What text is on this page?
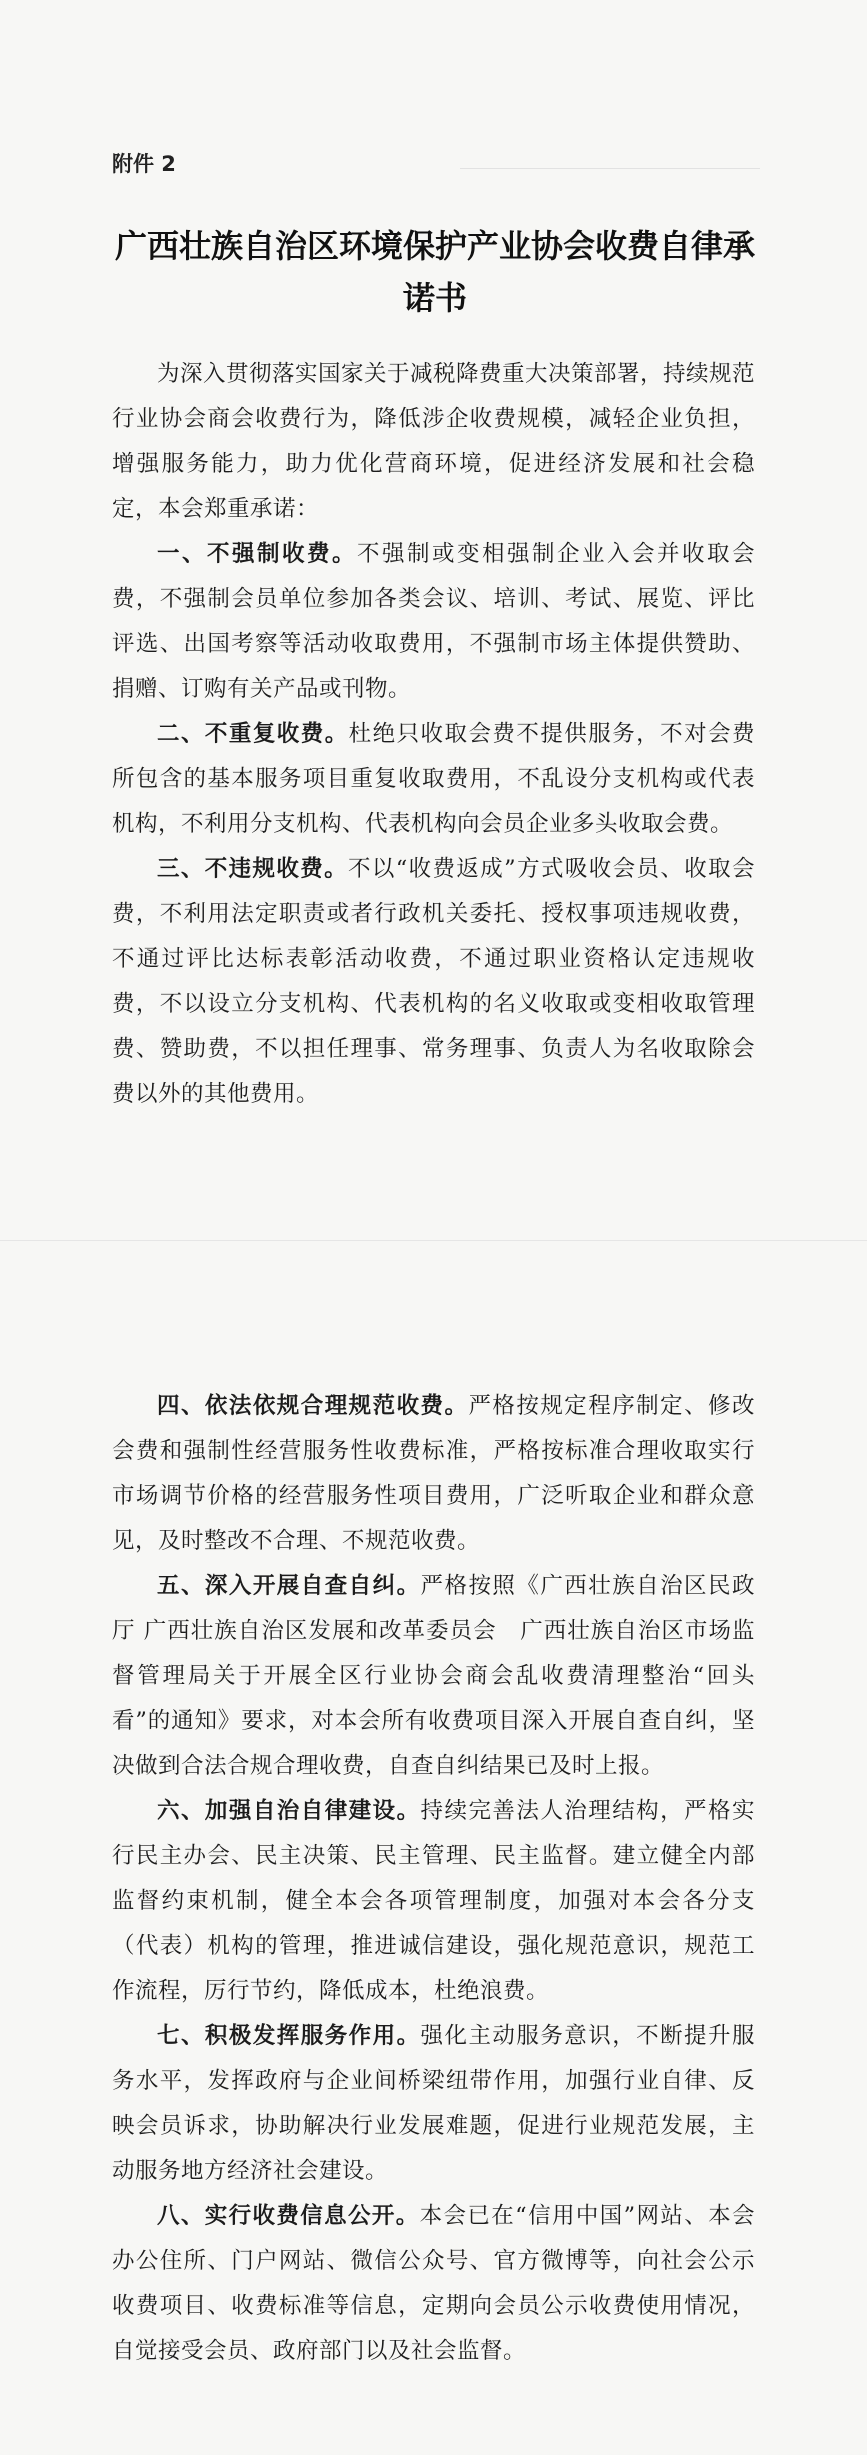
附件 2
广西壮族自治区环境保护产业协会收费自律承诺书

为深入贯彻落实国家关于减税降费重大决策部署，持续规范行业协会商会收费行为，降低涉企收费规模，减轻企业负担，增强服务能力，助力优化营商环境，促进经济发展和社会稳定，本会郑重承诺：

一、不强制收费。不强制或变相强制企业入会并收取会费，不强制会员单位参加各类会议、培训、考试、展览、评比评选、出国考察等活动收取费用，不强制市场主体提供赞助、捐赠、订购有关产品或刊物。

二、不重复收费。杜绝只收取会费不提供服务，不对会费所包含的基本服务项目重复收取费用，不乱设分支机构或代表机构，不利用分支机构、代表机构向会员企业多头收取会费。

三、不违规收费。不以“收费返成”方式吸收会员、收取会费，不利用法定职责或者行政机关委托、授权事项违规收费，不通过评比达标表彰活动收费，不通过职业资格认定违规收费，不以设立分支机构、代表机构的名义收取或变相收取管理费、赞助费，不以担任理事、常务理事、负责人为名收取除会费以外的其他费用。

四、依法依规合理规范收费。严格按规定程序制定、修改会费和强制性经营服务性收费标准，严格按标准合理收取实行市场调节价格的经营服务性项目费用，广泛听取企业和群众意见，及时整改不合理、不规范收费。

五、深入开展自查自纠。严格按照《广西壮族自治区民政厅 广西壮族自治区发展和改革委员会　广西壮族自治区市场监督管理局关于开展全区行业协会商会乱收费清理整治“回头看”的通知》要求，对本会所有收费项目深入开展自查自纠，坚决做到合法合规合理收费，自查自纠结果已及时上报。

六、加强自治自律建设。持续完善法人治理结构，严格实行民主办会、民主决策、民主管理、民主监督。建立健全内部监督约束机制，健全本会各项管理制度，加强对本会各分支（代表）机构的管理，推进诚信建设，强化规范意识，规范工作流程，厉行节约，降低成本，杜绝浪费。

七、积极发挥服务作用。强化主动服务意识，不断提升服务水平，发挥政府与企业间桥梁纽带作用，加强行业自律、反映会员诉求，协助解决行业发展难题，促进行业规范发展，主动服务地方经济社会建设。

八、实行收费信息公开。本会已在“信用中国”网站、本会办公住所、门户网站、微信公众号、官方微博等，向社会公示收费项目、收费标准等信息，定期向会员公示收费使用情况，自觉接受会员、政府部门以及社会监督。
